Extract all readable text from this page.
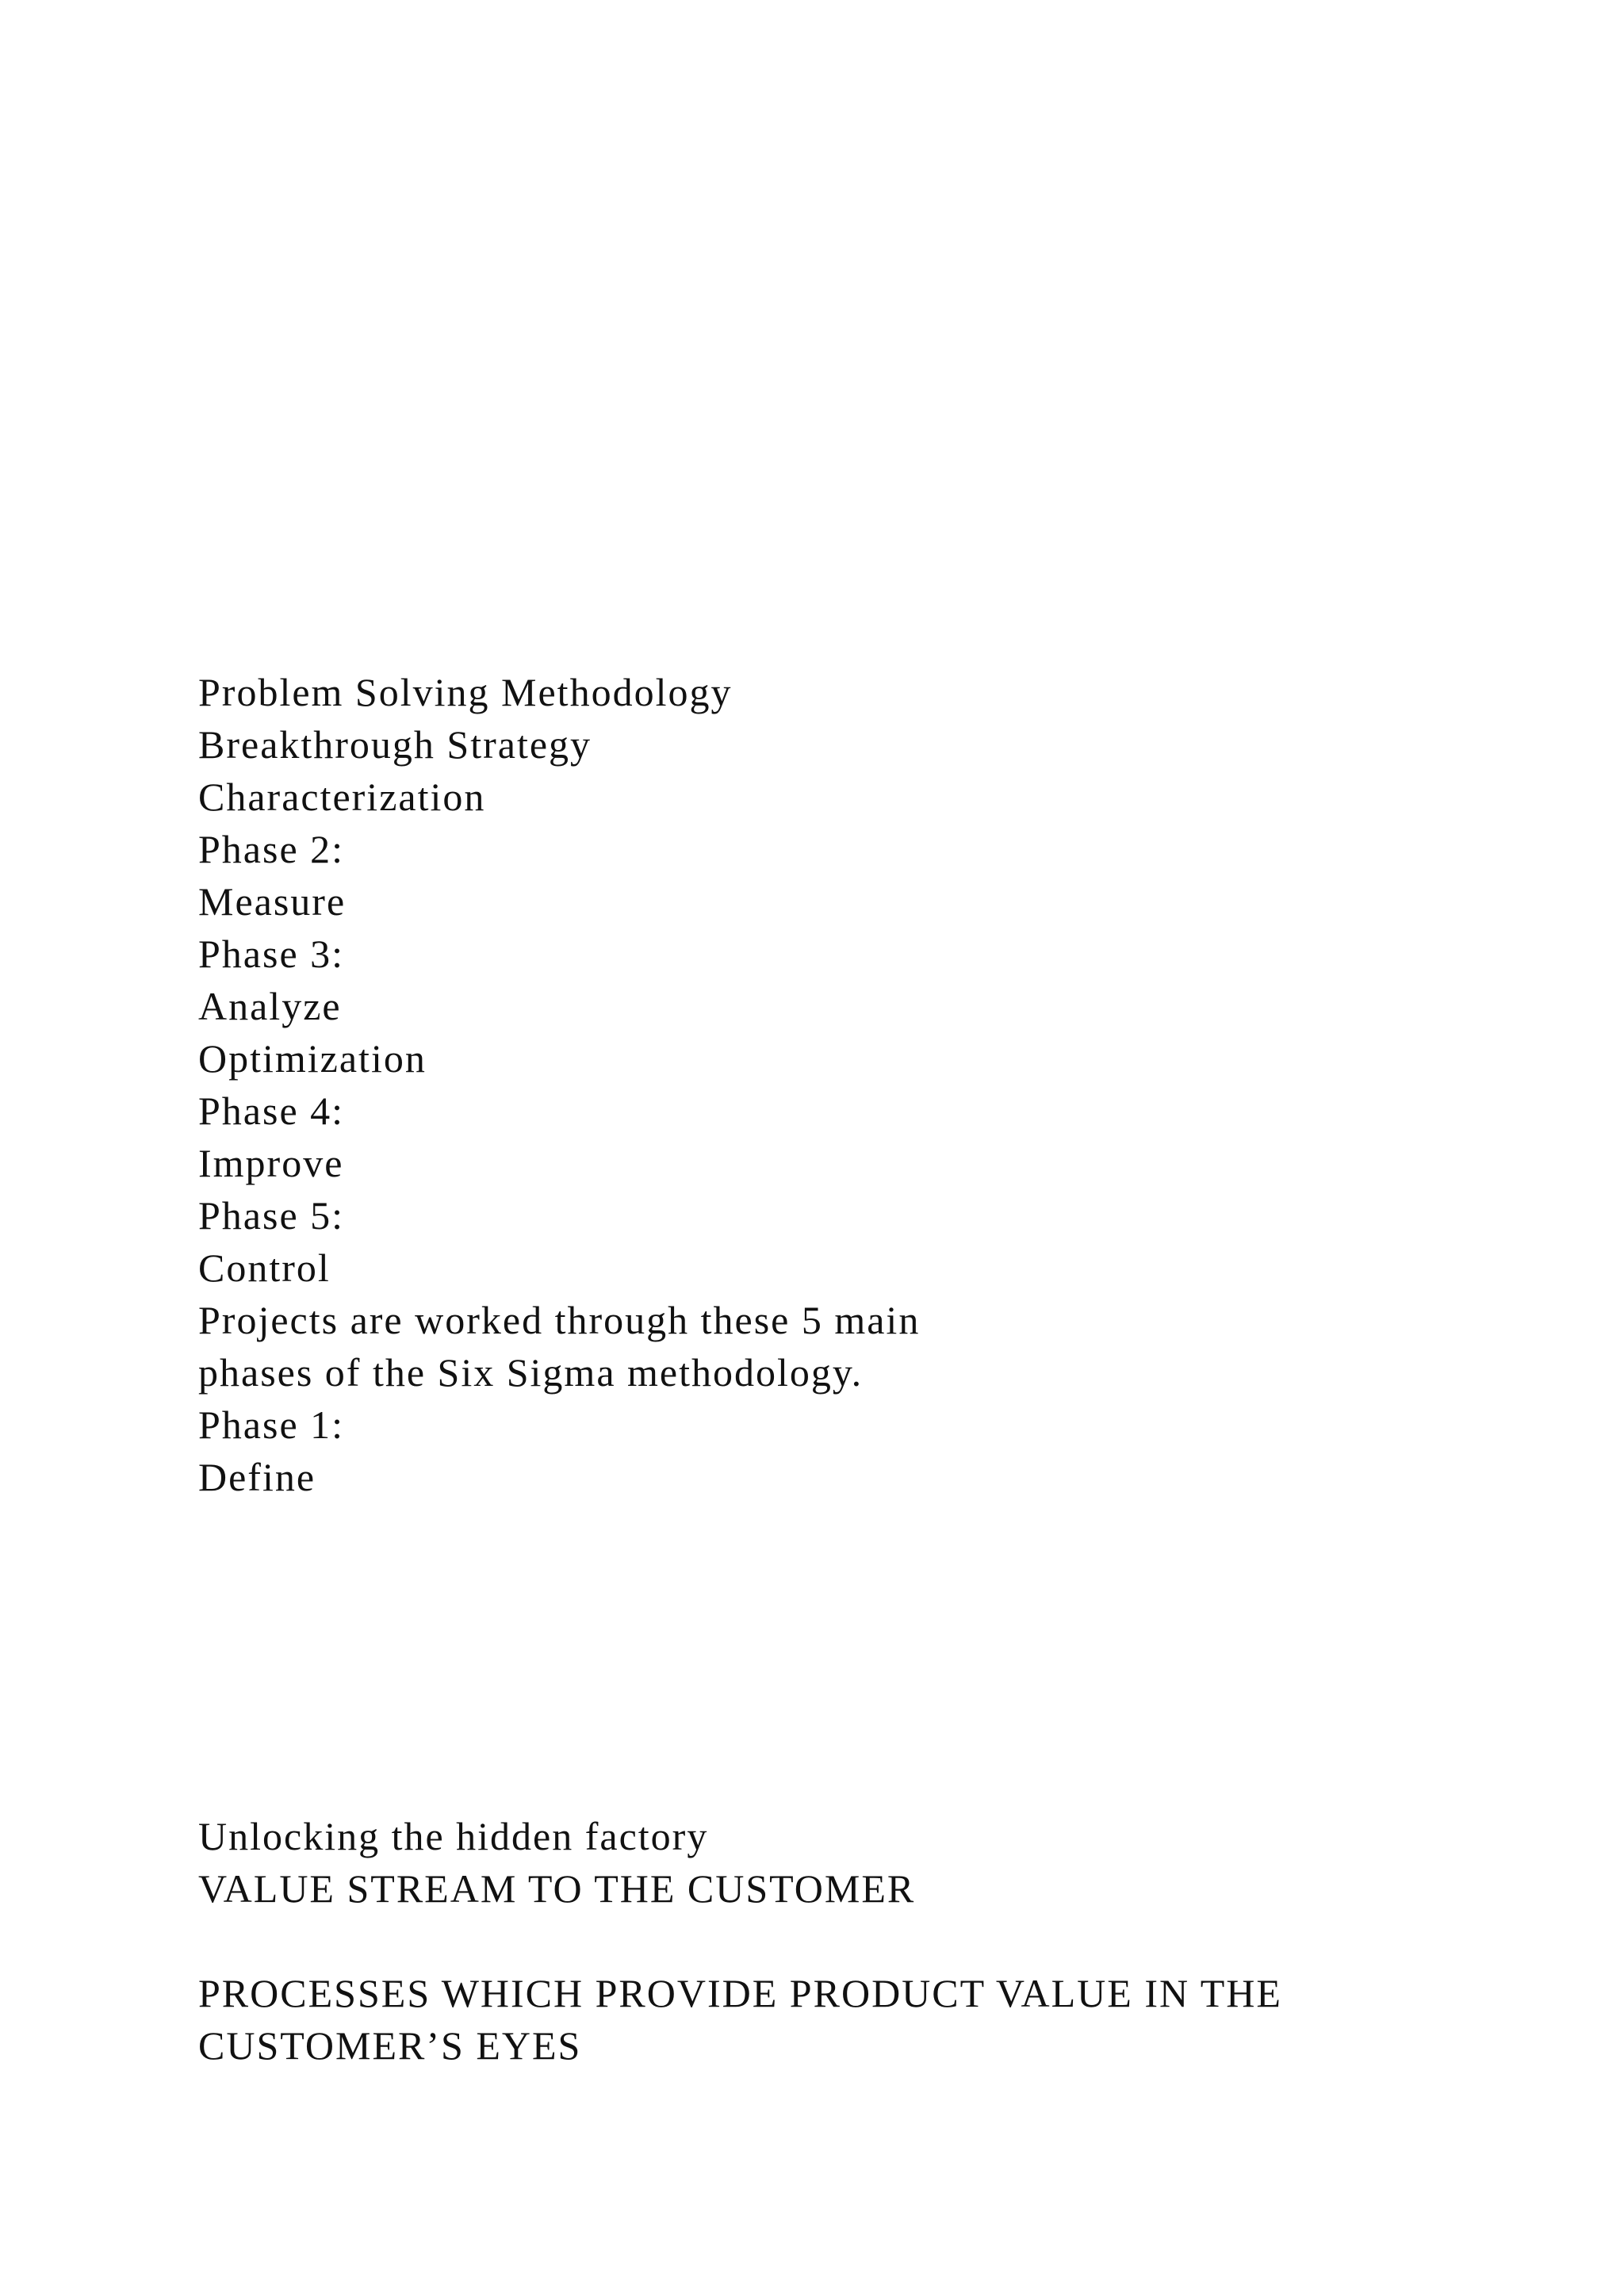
Problem Solving Methodology
Breakthrough Strategy
Characterization
Phase 2:
Measure
Phase 3:
Analyze
Optimization
Phase 4:
Improve
Phase 5:
Control
Projects are worked through these 5 main
phases of the Six Sigma methodology.
Phase 1:
Define
Unlocking the hidden factory
VALUE STREAM TO THE CUSTOMER
PROCESSES WHICH PROVIDE PRODUCT VALUE IN THE
CUSTOMER’S EYES
